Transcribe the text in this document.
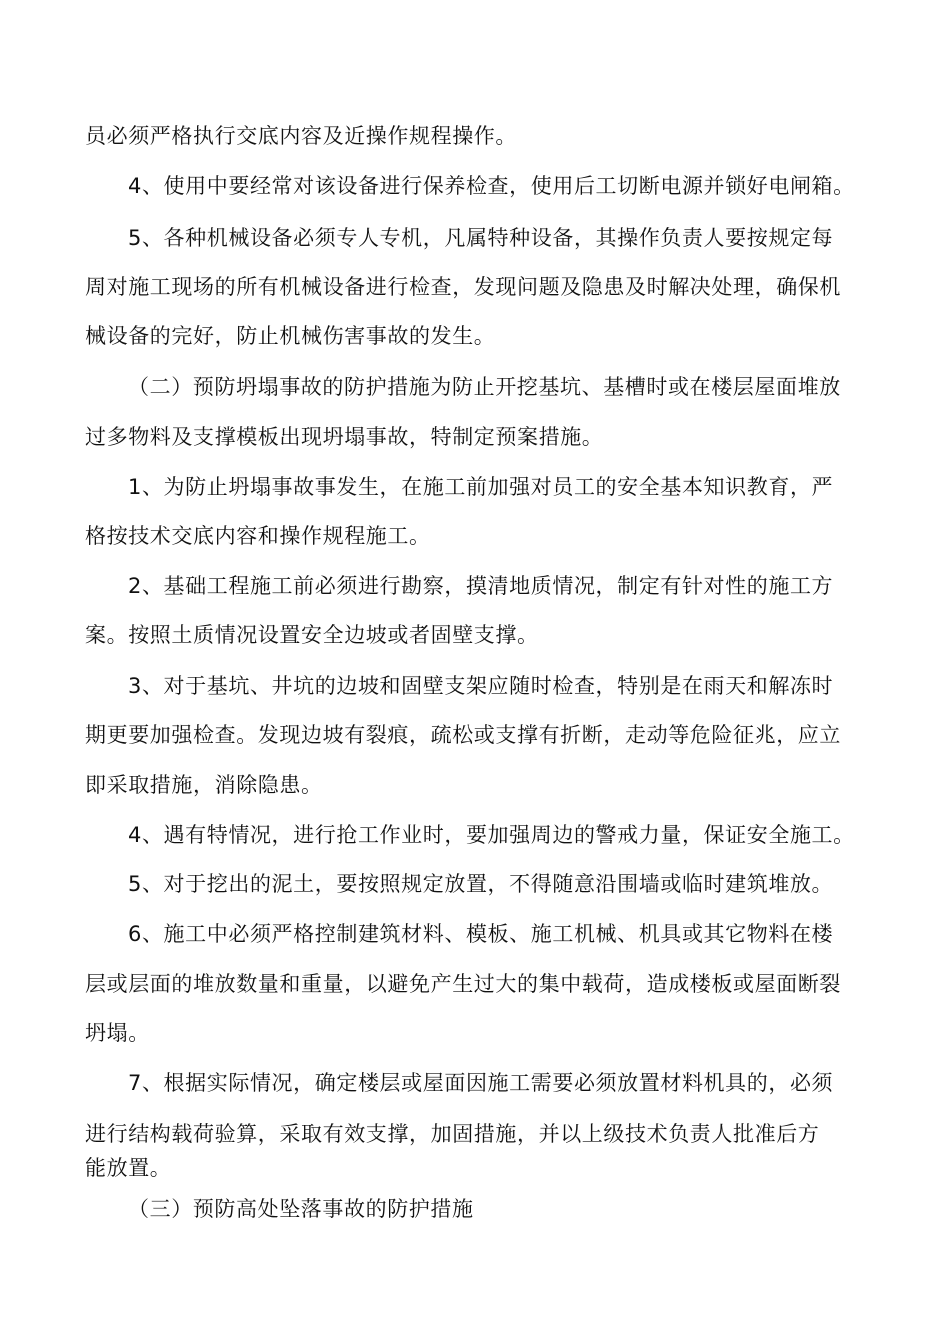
员必须严格执行交底内容及近操作规程操作。
4、使用中要经常对该设备进行保养检查，使用后工切断电源并锁好电闸箱。
5、各种机械设备必须专人专机，凡属特种设备，其操作负责人要按规定每
周对施工现场的所有机械设备进行检查，发现问题及隐患及时解决处理，确保机
械设备的完好，防止机械伤害事故的发生。
（二）预防坍塌事故的防护措施为防止开挖基坑、基槽时或在楼层屋面堆放
过多物料及支撑模板出现坍塌事故，特制定预案措施。
1、为防止坍塌事故事发生，在施工前加强对员工的安全基本知识教育，严
格按技术交底内容和操作规程施工。
2、基础工程施工前必须进行勘察，摸清地质情况，制定有针对性的施工方
案。按照土质情况设置安全边坡或者固壁支撑。
3、对于基坑、井坑的边坡和固壁支架应随时检查，特别是在雨天和解冻时
期更要加强检查。发现边坡有裂痕，疏松或支撑有折断，走动等危险征兆，应立
即采取措施，消除隐患。
4、遇有特情况，进行抢工作业时，要加强周边的警戒力量，保证安全施工。
5、对于挖出的泥土，要按照规定放置，不得随意沿围墙或临时建筑堆放。
6、施工中必须严格控制建筑材料、模板、施工机械、机具或其它物料在楼
层或层面的堆放数量和重量，以避免产生过大的集中载荷，造成楼板或屋面断裂
坍塌。
7、根据实际情况，确定楼层或屋面因施工需要必须放置材料机具的，必须
进行结构载荷验算，采取有效支撑，加固措施，并以上级技术负责人批准后方
能放置。
（三）预防高处坠落事故的防护措施
